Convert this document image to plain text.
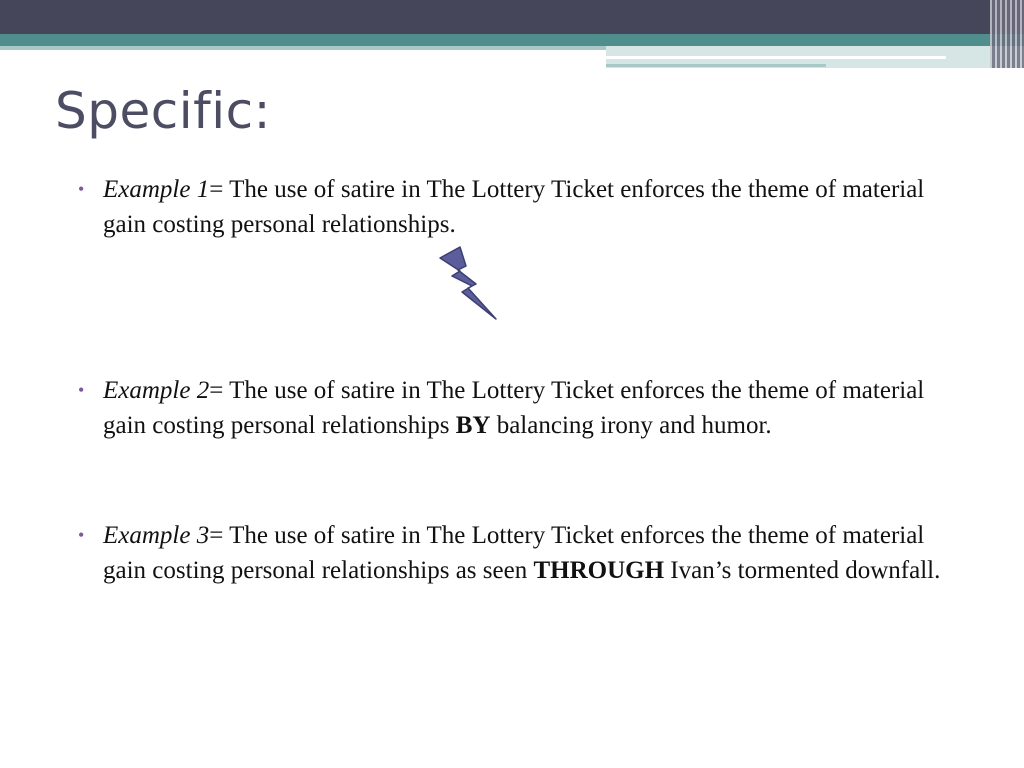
Specific:
• Example 1= The use of satire in The Lottery Ticket enforces the theme of material gain costing personal relationships.
• Example 2= The use of satire in The Lottery Ticket enforces the theme of material gain costing personal relationships BY balancing irony and humor.
• Example 3= The use of satire in The Lottery Ticket enforces the theme of material gain costing personal relationships as seen THROUGH Ivan’s tormented downfall.
